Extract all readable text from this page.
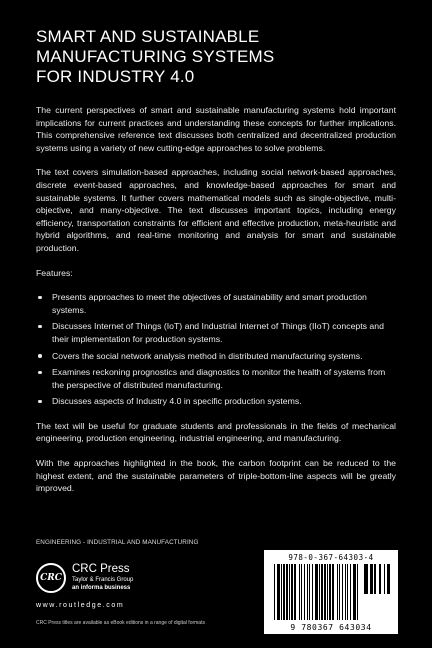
SMART AND SUSTAINABLE
MANUFACTURING SYSTEMS
FOR INDUSTRY 4.0

The current perspectives of smart and sustainable manufacturing systems hold important implications for current practices and understanding these concepts for further implications. This comprehensive reference text discusses both centralized and decentralized production systems using a variety of new cutting-edge approaches to solve problems.

The text covers simulation-based approaches, including social network-based approaches, discrete event-based approaches, and knowledge-based approaches for smart and sustainable systems. It further covers mathematical models such as single-objective, multi-objective, and many-objective. The text discusses important topics, including energy efficiency, transportation constraints for efficient and effective production, meta-heuristic and hybrid algorithms, and real-time monitoring and analysis for smart and sustainable production.

Features:

Presents approaches to meet the objectives of sustainability and smart production systems.
Discusses Internet of Things (IoT) and Industrial Internet of Things (IIoT) concepts and their implementation for production systems.
Covers the social network analysis method in distributed manufacturing systems.
Examines reckoning prognostics and diagnostics to monitor the health of systems from the perspective of distributed manufacturing.
Discusses aspects of Industry 4.0 in specific production systems.

The text will be useful for graduate students and professionals in the fields of mechanical engineering, production engineering, industrial engineering, and manufacturing.

With the approaches highlighted in the book, the carbon footprint can be reduced to the highest extent, and the sustainable parameters of triple-bottom-line aspects will be greatly improved.

ENGINEERING - INDUSTRIAL AND MANUFACTURING
CRC
CRC Press
Taylor & Francis Group
an informa business
www.routledge.com
CRC Press titles are available as eBook editions in a range of digital formats
978-0-367-64303-4
9 780367 643034
